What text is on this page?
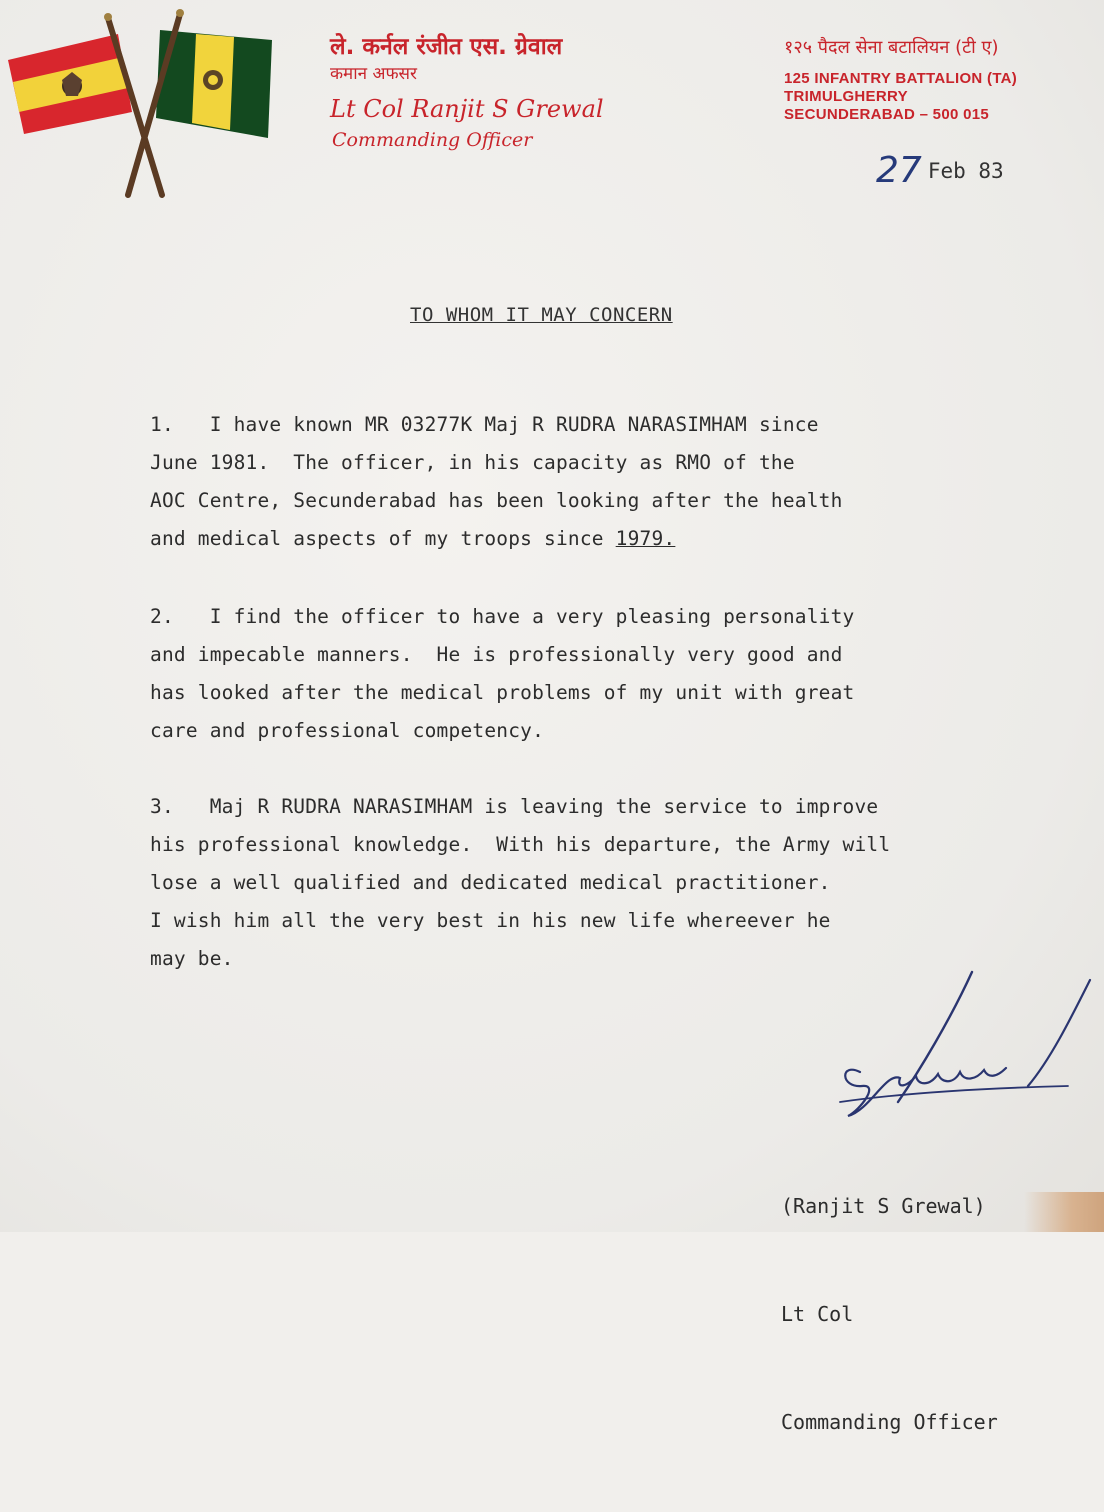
ले. कर्नल रंजीत एस. ग्रेवाल
कमान अफसर
Lt Col Ranjit S Grewal
Commanding Officer
१२५ पैदल सेना बटालियन (टी ए)
125 INFANTRY BATTALION (TA)
TRIMULGHERRY
SECUNDERABAD – 500 015
27 Feb 83
TO WHOM IT MAY CONCERN
1.   I have known MR 03277K Maj R RUDRA NARASIMHAM since
June 1981.  The officer, in his capacity as RMO of the
AOC Centre, Secunderabad has been looking after the health
and medical aspects of my troops since 1979.
2.   I find the officer to have a very pleasing personality
and impecable manners.  He is professionally very good and
has looked after the medical problems of my unit with great
care and professional competency.
3.   Maj R RUDRA NARASIMHAM is leaving the service to improve
his professional knowledge.  With his departure, the Army will
lose a well qualified and dedicated medical practitioner.
I wish him all the very best in his new life whereever he
may be.

(Ranjit S Grewal)

Lt Col

Commanding Officer
